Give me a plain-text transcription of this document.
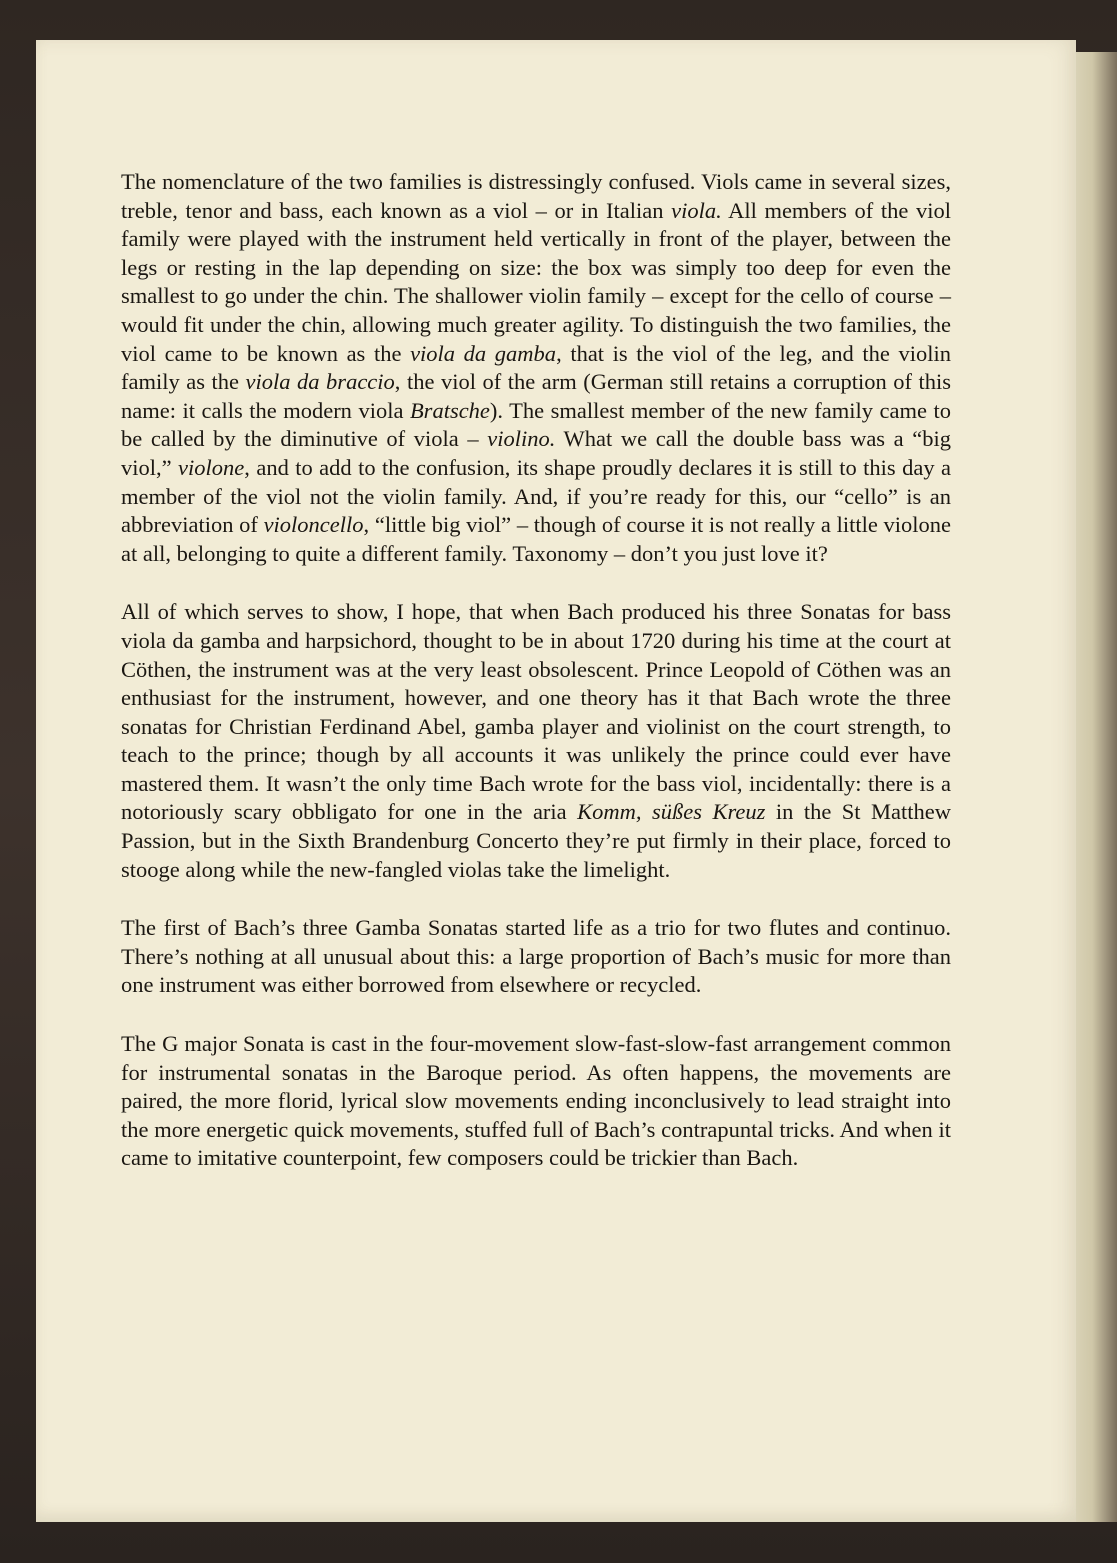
The nomenclature of the two families is distressingly confused. Viols came in several sizes, treble, tenor and bass, each known as a viol – or in Italian viola. All members of the viol family were played with the instrument held vertically in front of the player, between the legs or resting in the lap depending on size: the box was simply too deep for even the smallest to go under the chin. The shallower violin family – except for the cello of course – would fit under the chin, allowing much greater agility. To distinguish the two families, the viol came to be known as the viola da gamba, that is the viol of the leg, and the violin family as the viola da braccio, the viol of the arm (German still retains a corruption of this name: it calls the modern viola Bratsche). The smallest member of the new family came to be called by the diminutive of viola – violino. What we call the double bass was a “big viol,” violone, and to add to the confusion, its shape proudly declares it is still to this day a member of the viol not the violin family. And, if you’re ready for this, our “cello” is an abbreviation of violoncello, “little big viol” – though of course it is not really a little violone at all, belonging to quite a different family. Taxonomy – don’t you just love it?

All of which serves to show, I hope, that when Bach produced his three Sonatas for bass viola da gamba and harpsichord, thought to be in about 1720 during his time at the court at Cöthen, the instrument was at the very least obsolescent. Prince Leopold of Cöthen was an enthusiast for the instrument, however, and one theory has it that Bach wrote the three sonatas for Christian Ferdinand Abel, gamba player and violinist on the court strength, to teach to the prince; though by all accounts it was unlikely the prince could ever have mastered them. It wasn’t the only time Bach wrote for the bass viol, incidentally: there is a notoriously scary obbligato for one in the aria Komm, süßes Kreuz in the St Matthew Passion, but in the Sixth Brandenburg Concerto they’re put firmly in their place, forced to stooge along while the new-fangled violas take the limelight.

The first of Bach’s three Gamba Sonatas started life as a trio for two flutes and continuo. There’s nothing at all unusual about this: a large proportion of Bach’s music for more than one instrument was either borrowed from elsewhere or recycled.

The G major Sonata is cast in the four-movement slow-fast-slow-fast arrangement common for instrumental sonatas in the Baroque period. As often happens, the movements are paired, the more florid, lyrical slow movements ending inconclusively to lead straight into the more energetic quick movements, stuffed full of Bach’s contrapuntal tricks. And when it came to imitative counterpoint, few composers could be trickier than Bach.
